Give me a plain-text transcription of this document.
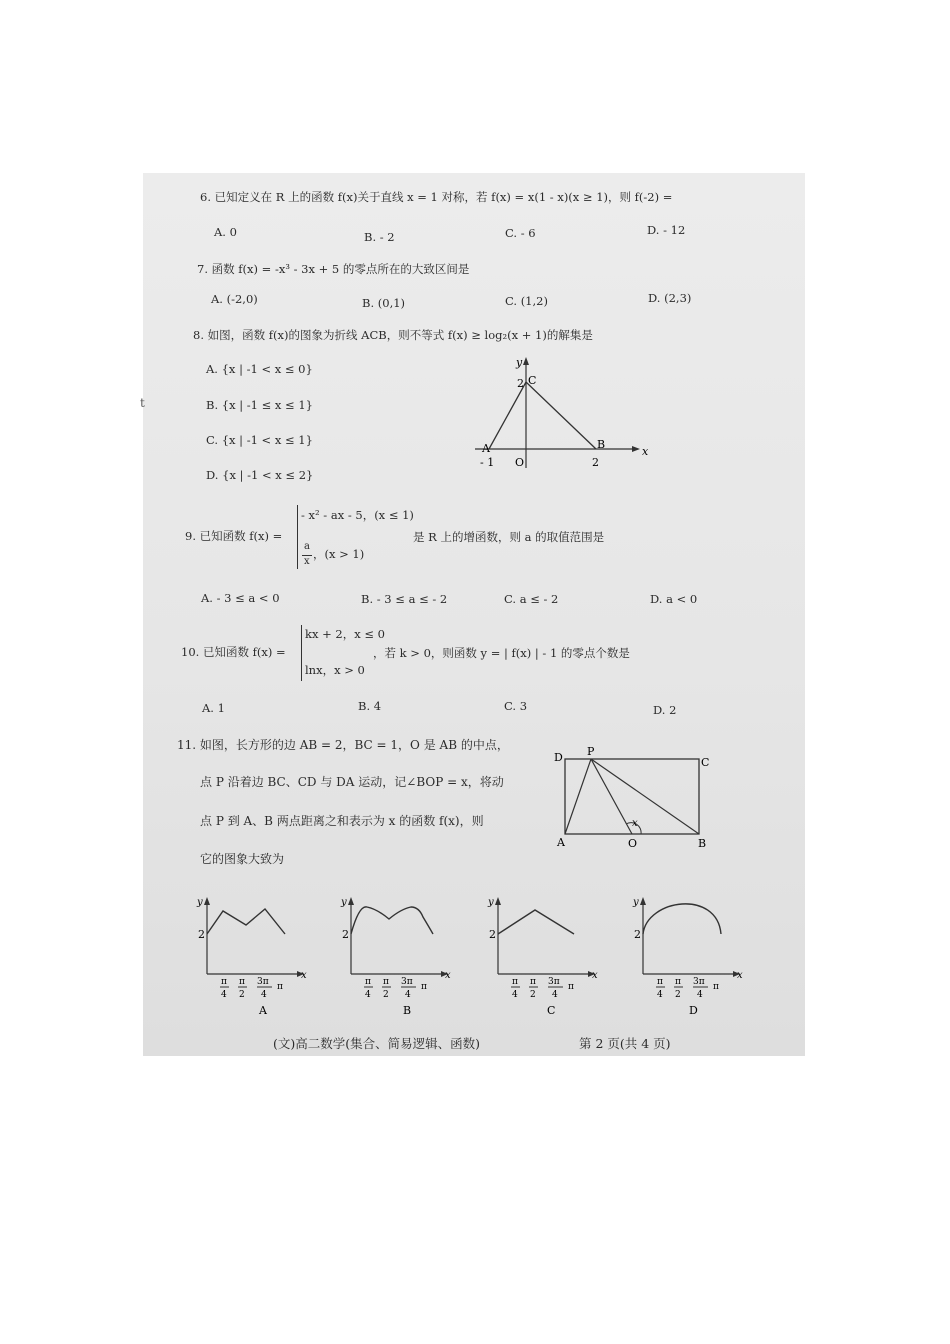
t
6. 已知定义在 R 上的函数 f(x)关于直线 x = 1 对称，若 f(x) = x(1 - x)(x ≥ 1)，则 f(-2) =
A. 0	B. - 2	C. - 6	D. - 12
7. 函数 f(x) = -x³ - 3x + 5 的零点所在的大致区间是
A. (-2,0)	B. (0,1)	C. (1,2)	D. (2,3)
8. 如图，函数 f(x)的图象为折线 ACB，则不等式 f(x) ≥ log₂(x + 1)的解集是
A. {x | -1 < x ≤ 0}
B. {x | -1 ≤ x ≤ 1}
C. {x | -1 < x ≤ 1}
D. {x | -1 < x ≤ 2}
y
x
2 C
A	B
- 1 O	2
9. 已知函数 f(x) =
- x² - ax - 5，(x ≤ 1)
a
x
，(x > 1)
是 R 上的增函数，则 a 的取值范围是
A. - 3 ≤ a < 0	B. - 3 ≤ a ≤ - 2	C. a ≤ - 2	D. a < 0
10. 已知函数 f(x) =
kx + 2，x ≤ 0
lnx，x > 0
，若 k > 0，则函数 y = | f(x) | - 1 的零点个数是
A. 1	B. 4	C. 3	D. 2
11. 如图，长方形的边 AB = 2，BC = 1，O 是 AB 的中点，
点 P 沿着边 BC、CD 与 DA 运动，记∠BOP = x，将动
点 P 到 A、B 两点距离之和表示为 x 的函数 f(x)，则
它的图象大致为
D P
C
A	O	B
x
y
2
x
π
4
π
2
3π
4
π
A
y
2
x
π
4
π
2
3π
4
π
B
y
2
x
π
4
π
2
3π
4
π
C
y
2
x
π
4
π
2
3π
4
π
D
(文)高二数学(集合、简易逻辑、函数)	第 2 页(共 4 页)
